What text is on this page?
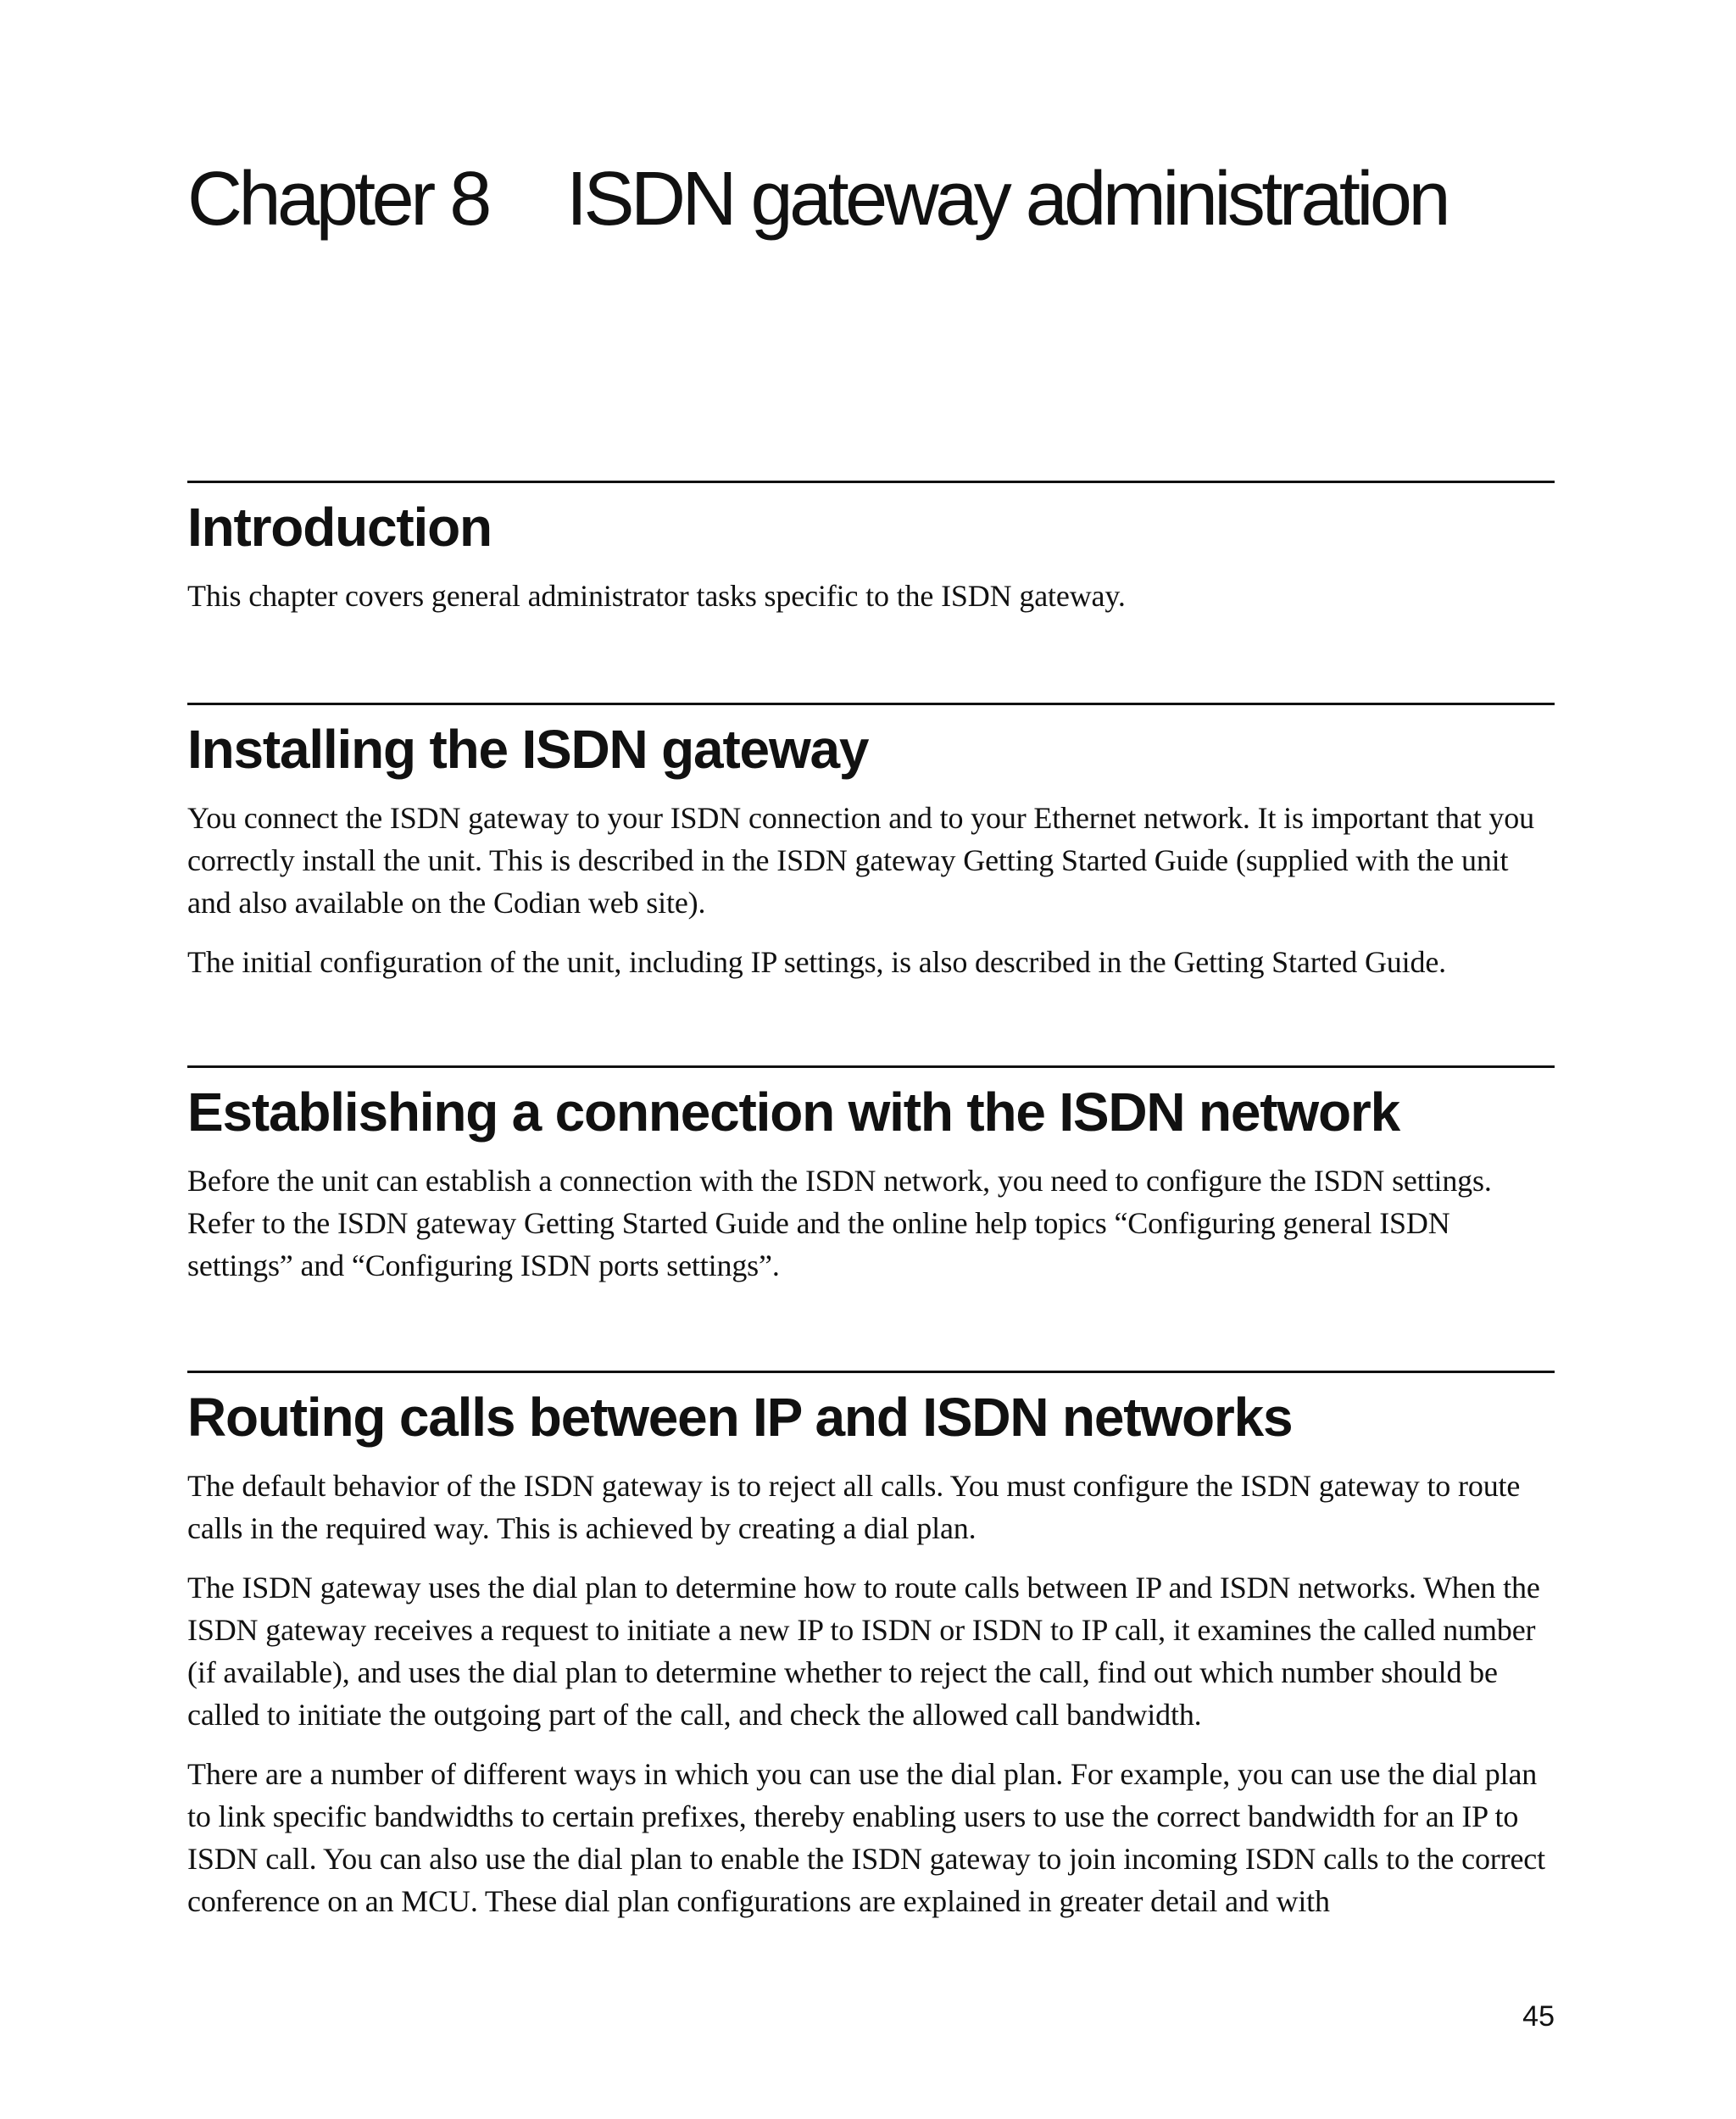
Chapter 8 ISDN gateway administration
Introduction

This chapter covers general administrator tasks specific to the ISDN gateway.

Installing the ISDN gateway

You connect the ISDN gateway to your ISDN connection and to your Ethernet network. It is important that you correctly install the unit. This is described in the ISDN gateway Getting Started Guide (supplied with the unit and also available on the Codian web site).

The initial configuration of the unit, including IP settings, is also described in the Getting Started Guide.

Establishing a connection with the ISDN network

Before the unit can establish a connection with the ISDN network, you need to configure the ISDN settings. Refer to the ISDN gateway Getting Started Guide and the online help topics “Configuring general ISDN settings” and “Configuring ISDN ports settings”.

Routing calls between IP and ISDN networks

The default behavior of the ISDN gateway is to reject all calls. You must configure the ISDN gateway to route calls in the required way. This is achieved by creating a dial plan.

The ISDN gateway uses the dial plan to determine how to route calls between IP and ISDN networks. When the ISDN gateway receives a request to initiate a new IP to ISDN or ISDN to IP call, it examines the called number (if available), and uses the dial plan to determine whether to reject the call, find out which number should be called to initiate the outgoing part of the call, and check the allowed call bandwidth.

There are a number of different ways in which you can use the dial plan. For example, you can use the dial plan to link specific bandwidths to certain prefixes, thereby enabling users to use the correct bandwidth for an IP to ISDN call. You can also use the dial plan to enable the ISDN gateway to join incoming ISDN calls to the correct conference on an MCU. These dial plan configurations are explained in greater detail and with

45
